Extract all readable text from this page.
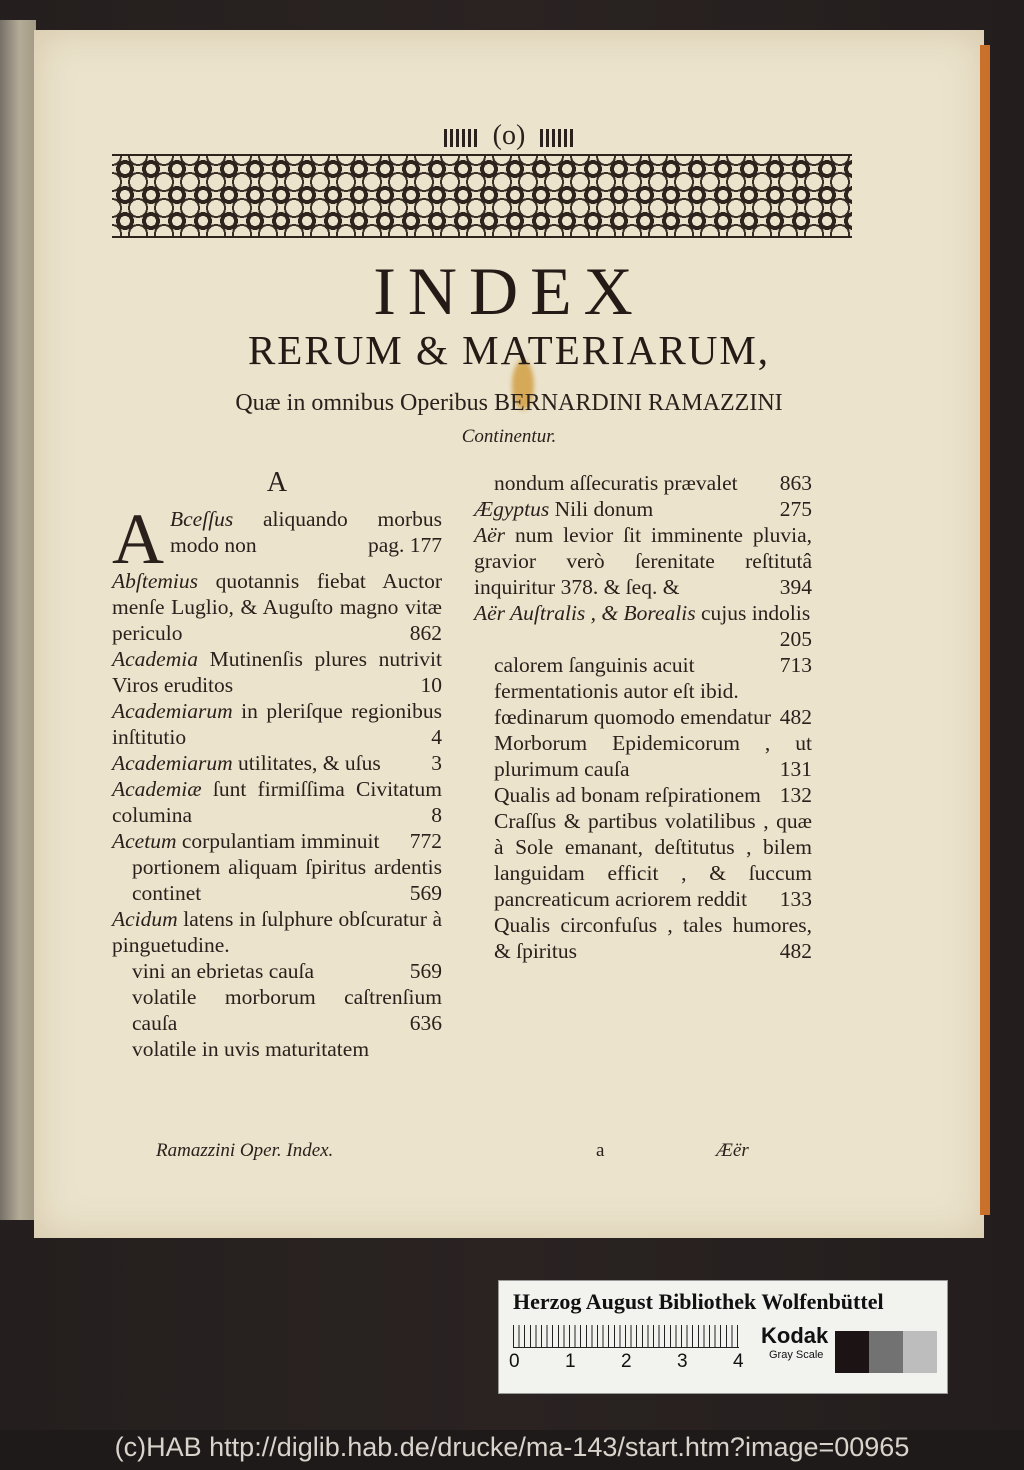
(o)
INDEX
RERUM & MATERIARUM,
Quæ in omnibus Operibus BERNARDINI RAMAZZINI
Continentur.
A
A Bceſſus aliquando morbus modo non	pag. 177
Abſtemius quotannis fiebat Auctor menſe Luglio, & Auguſto magno vitæ periculo	862
Academia Mutinenſis plures nutrivit Viros eruditos	10
Academiarum in pleriſque regionibus inſtitutio	4
Academiarum utilitates, & uſus 3
Academiæ ſunt firmiſſima Civitatum columina	8
Acetum corpulantiam imminuit 772
portionem aliquam ſpiritus ardentis continet	569
Acidum latens in ſulphure obſcuratur à pinguetudine.
vini an ebrietas cauſa	569
volatile morborum caſtrenſium cauſa	636
volatile in uvis maturitatem
nondum aſſecuratis prævalet 863
Ægyptus Nili donum	275
Aër num levior ſit imminente pluvia, gravior verò ſerenitate reſtitutâ inquiritur 378. & ſeq. &	394
Aër Auſtralis , & Borealis cujus indolis
205
calorem ſanguinis acuit	713
fermentationis autor eſt ibid.
fœdinarum quomodo emendatur 482
Morborum Epidemicorum , ut plurimum cauſa	131
Qualis ad bonam reſpirationem 132
Craſſus & partibus volatilibus , quæ à Sole emanant, deſtitutus , bilem languidam efficit , & ſuccum pancreaticum acriorem reddit 133
Qualis circonfuſus , tales humores, & ſpiritus	482
Ramazzini Oper. Index.	a	Æër
Herzog August Bibliothek Wolfenbüttel
0 1 2 3 4
Kodak
Gray Scale
(c)HAB http://diglib.hab.de/drucke/ma-143/start.htm?image=00965
